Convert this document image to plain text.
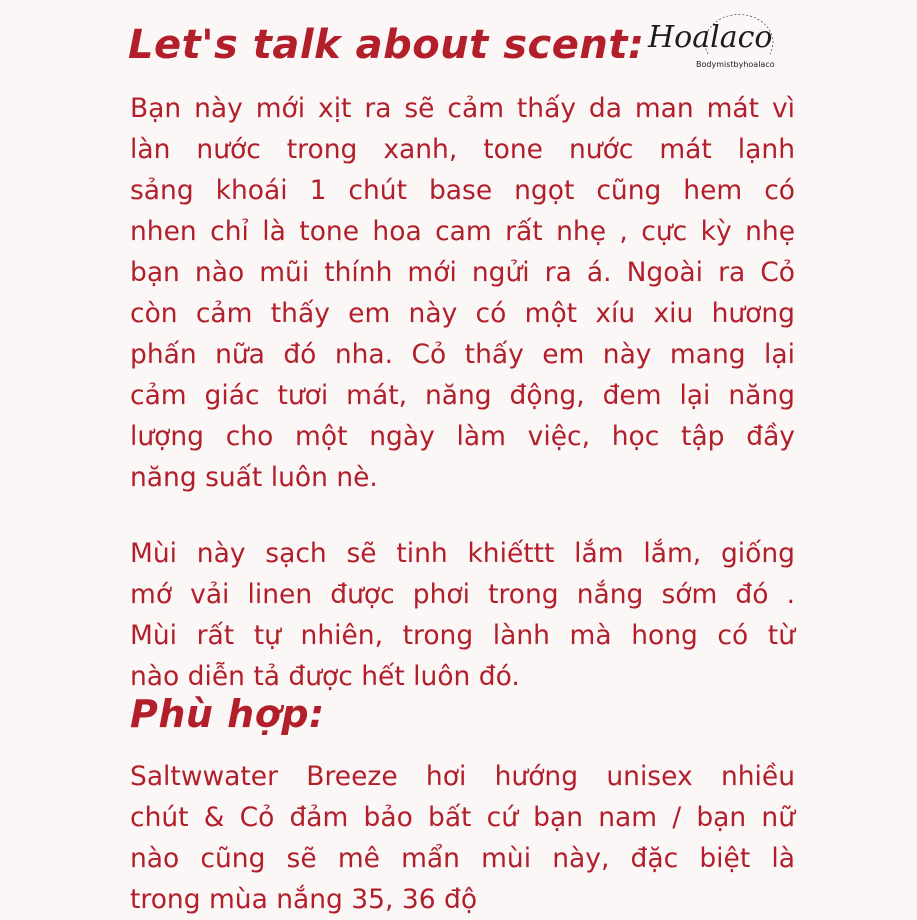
Let's talk about scent: Hoalaco
Bodymistbyhoalaco
Bạn này mới xịt ra sẽ cảm thấy da man mát vì
làn nước trong xanh, tone nước mát lạnh
sảng khoái 1 chút base ngọt cũng hem có
nhen chỉ là tone hoa cam rất nhẹ , cực kỳ nhẹ
bạn nào mũi thính mới ngửi ra á. Ngoài ra Cỏ
còn cảm thấy em này có một xíu xiu hương
phấn nữa đó nha. Cỏ thấy em này mang lại
cảm giác tươi mát, năng động, đem lại năng
lượng cho một ngày làm việc, học tập đầy
năng suất luôn nè.
Mùi này sạch sẽ tinh khiếttt lắm lắm, giống
mớ vải linen được phơi trong nắng sớm đó .
Mùi rất tự nhiên, trong lành mà hong có từ
nào diễn tả được hết luôn đó.
Phù hợp:
Saltwwater Breeze hơi hướng unisex nhiều
chút & Cỏ đảm bảo bất cứ bạn nam / bạn nữ
nào cũng sẽ mê mẩn mùi này, đặc biệt là
trong mùa nắng 35, 36 độ
